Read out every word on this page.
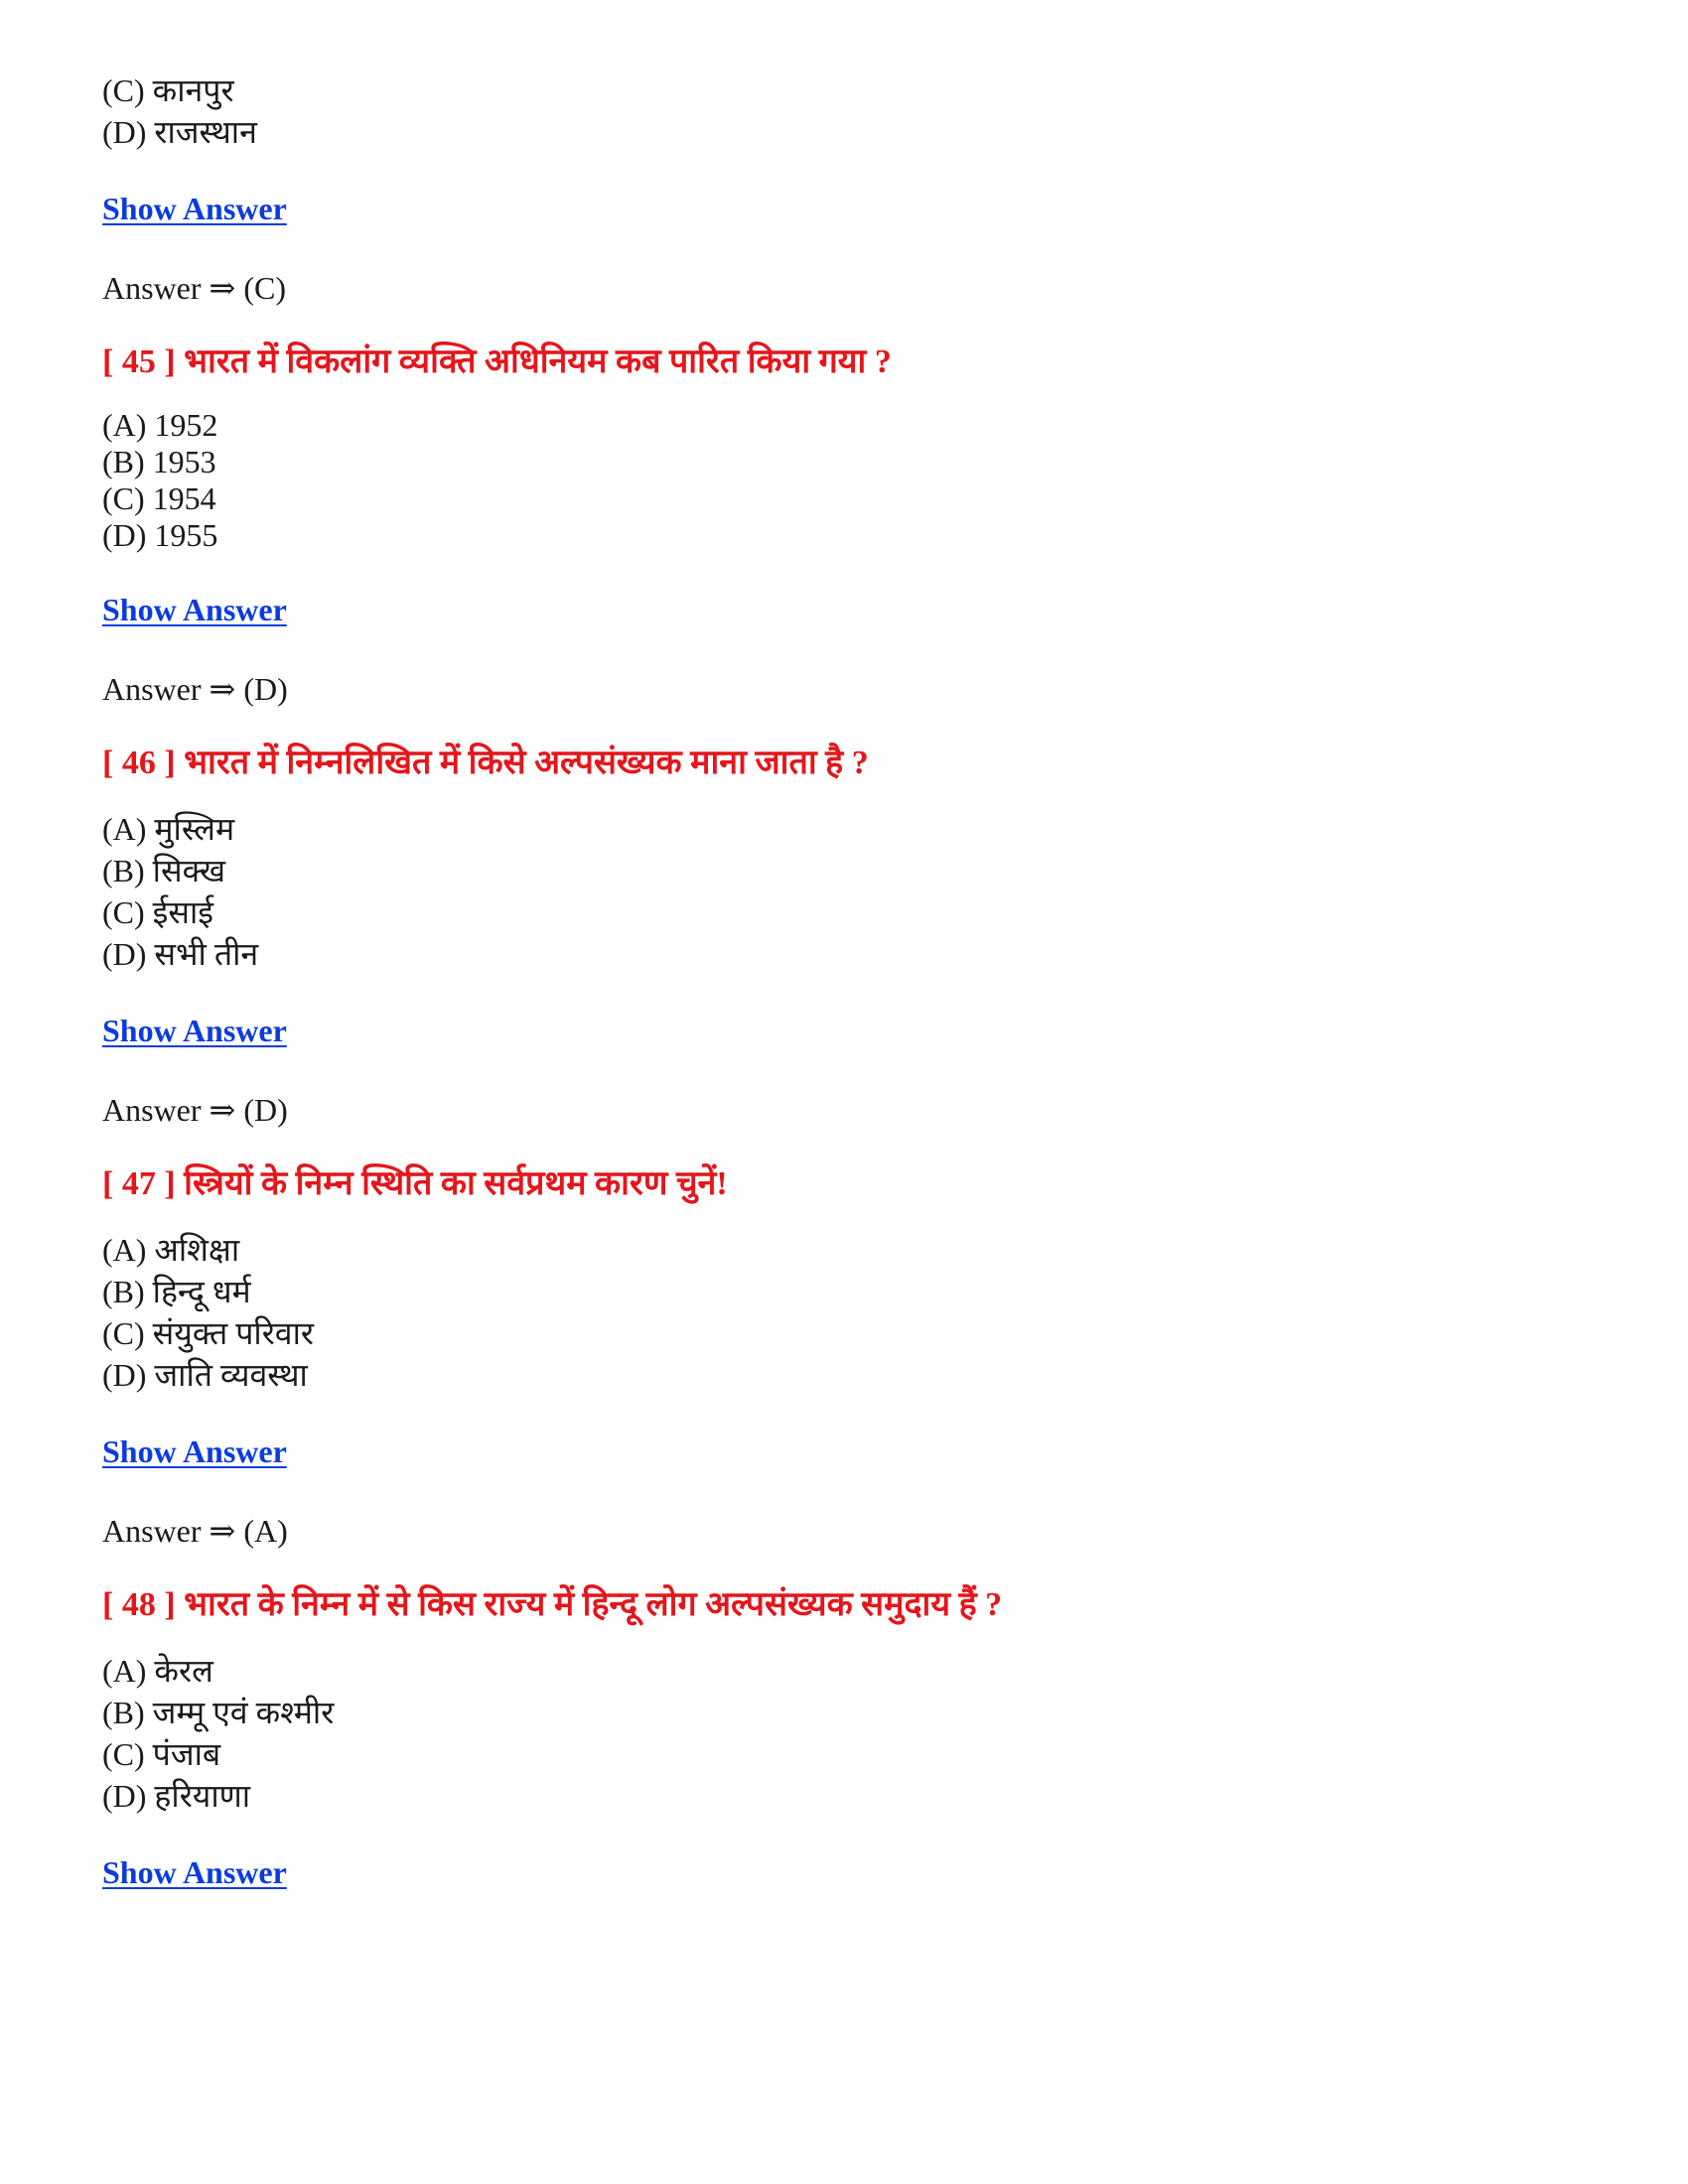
(C) कानपुर
(D) राजस्थान
Show Answer
Answer ⇒ (C)
[ 45 ] भारत में विकलांग व्यक्ति अधिनियम कब पारित किया गया ?
(A) 1952
(B) 1953
(C) 1954
(D) 1955
Show Answer
Answer ⇒ (D)
[ 46 ] भारत में निम्नलिखित में किसे अल्पसंख्यक माना जाता है ?
(A) मुस्लिम
(B) सिक्ख
(C) ईसाई
(D) सभी तीन
Show Answer
Answer ⇒ (D)
[ 47 ] स्त्रियों के निम्न स्थिति का सर्वप्रथम कारण चुनें!
(A) अशिक्षा
(B) हिन्दू धर्म
(C) संयुक्त परिवार
(D) जाति व्यवस्था
Show Answer
Answer ⇒ (A)
[ 48 ] भारत के निम्न में से किस राज्य में हिन्दू लोग अल्पसंख्यक समुदाय हैं ?
(A) केरल
(B) जम्मू एवं कश्मीर
(C) पंजाब
(D) हरियाणा
Show Answer
